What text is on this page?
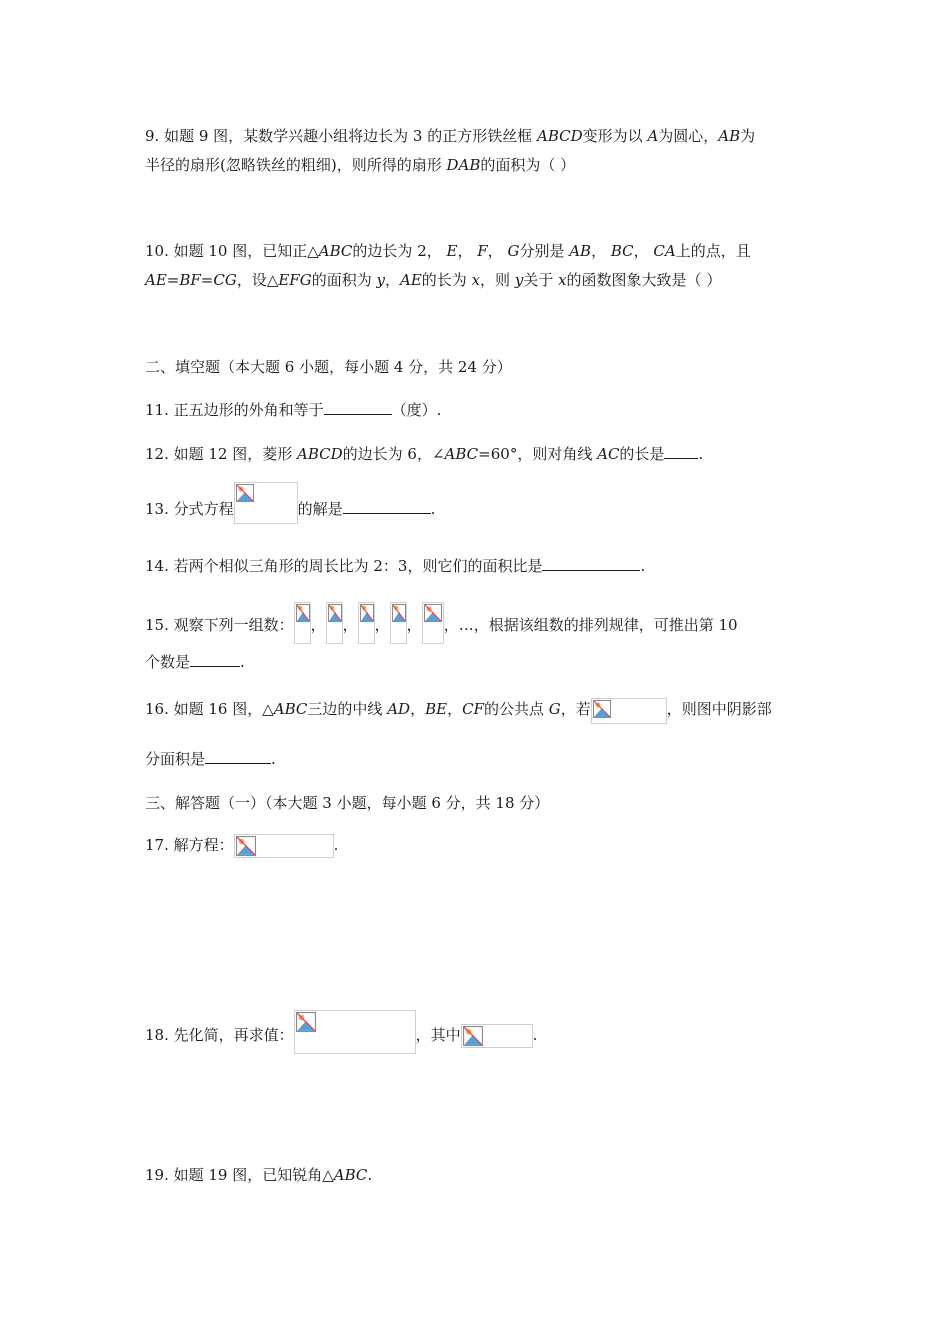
9. 如题 9 图，某数学兴趣小组将边长为 3 的正方形铁丝框 ABCD变形为以 A为圆心，AB为
半径的扇形(忽略铁丝的粗细)，则所得的扇形 DAB的面积为（ ）
10. 如题 10 图，已知正△ABC的边长为 2， E， F， G分别是 AB， BC， CA上的点，且
AE=BF=CG，设△EFG的面积为 y，AE的长为 x，则 y关于 x的函数图象大致是（ ）
二、填空题（本大题 6 小题，每小题 4 分，共 24 分）
11. 正五边形的外角和等于	（度）.
12. 如题 12 图，菱形 ABCD的边长为 6，∠ABC=60°，则对角线 AC的长是 .
13. 分式方程	的解是	.
14. 若两个相似三角形的周长比为 2：3，则它们的面积比是	.
15. 观察下列一组数： ， ， ， ， ，…，根据该组数的排列规律，可推出第 10
个数是	.
16. 如题 16 图，△ABC三边的中线 AD，BE，CF的公共点 G，若	，则图中阴影部
分面积是	.
三、解答题（一）（本大题 3 小题，每小题 6 分，共 18 分）
17. 解方程：	.
18. 先化简，再求值：	，其中	.
19. 如题 19 图，已知锐角△ABC.
